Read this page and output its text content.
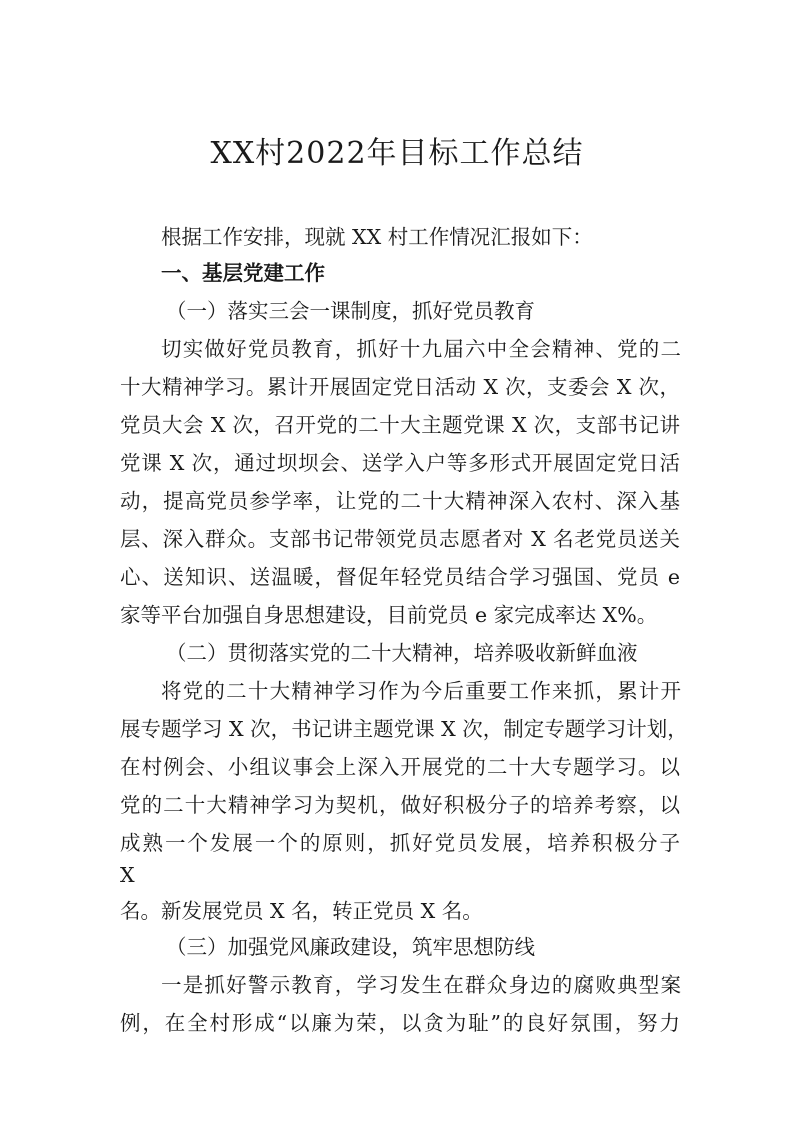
XX村2022年目标工作总结
根据工作安排，现就 XX 村工作情况汇报如下：
一、基层党建工作
（一）落实三会一课制度，抓好党员教育
切实做好党员教育，抓好十九届六中全会精神、党的二
十大精神学习。累计开展固定党日活动 X 次，支委会 X 次，
党员大会 X 次，召开党的二十大主题党课 X 次，支部书记讲
党课 X 次，通过坝坝会、送学入户等多形式开展固定党日活
动，提高党员参学率，让党的二十大精神深入农村、深入基
层、深入群众。支部书记带领党员志愿者对 X 名老党员送关
心、送知识、送温暖，督促年轻党员结合学习强国、党员 e
家等平台加强自身思想建设，目前党员 e 家完成率达 X%。
（二）贯彻落实党的二十大精神，培养吸收新鲜血液
将党的二十大精神学习作为今后重要工作来抓，累计开
展专题学习 X 次，书记讲主题党课 X 次，制定专题学习计划，
在村例会、小组议事会上深入开展党的二十大专题学习。以
党的二十大精神学习为契机，做好积极分子的培养考察，以
成熟一个发展一个的原则，抓好党员发展，培养积极分子
X
名。新发展党员 X 名，转正党员 X 名。
（三）加强党风廉政建设，筑牢思想防线
一是抓好警示教育，学习发生在群众身边的腐败典型案
例，在全村形成“以廉为荣，以贪为耻”的良好氛围，努力
